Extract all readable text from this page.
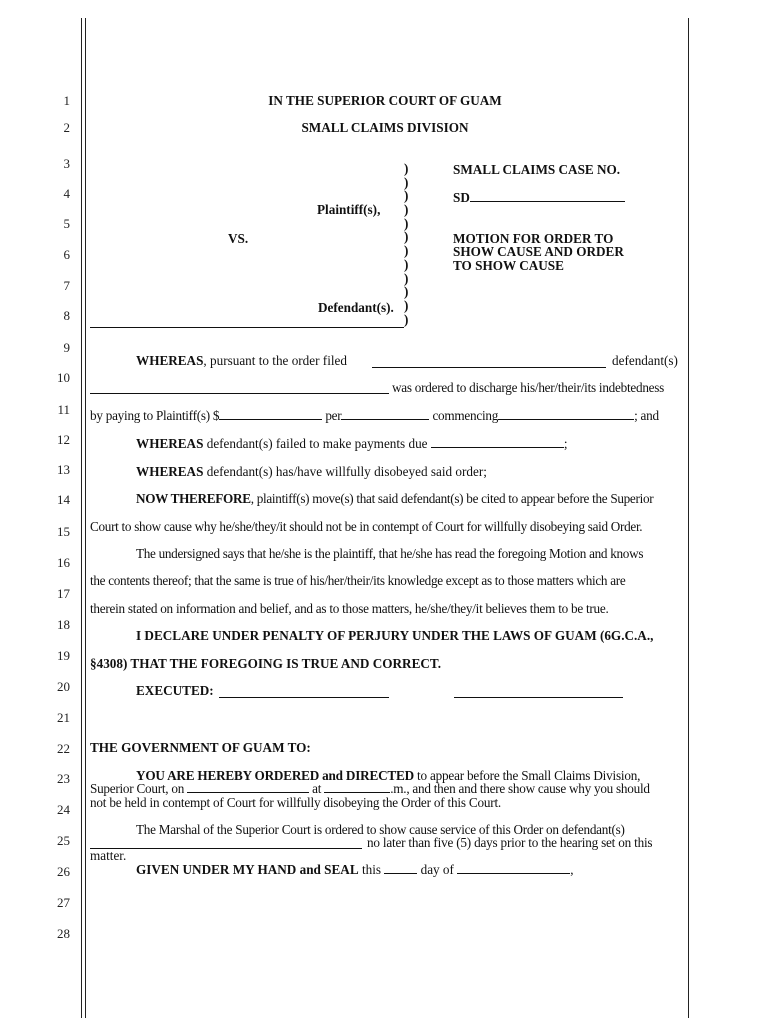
1
2
3
4
5
6
7
8
9
10
11
12
13
14
15
16
17
18
19
20
21
22
23
24
25
26
27
28
IN THE SUPERIOR COURT OF GUAM
SMALL CLAIMS DIVISION
Plaintiff(s),
VS.
Defendant(s).
)
)
)
)
)
)
)
)
)
)
)
)
SMALL CLAIMS CASE NO.
SD
MOTION FOR ORDER TO
SHOW CAUSE AND ORDER
TO SHOW CAUSE
WHEREAS, pursuant to the order filed	defendant(s)
was ordered to discharge his/her/their/its indebtedness
by paying to Plaintiff(s) $	per	commencing	; and
WHEREAS defendant(s) failed to make payments due	;
WHEREAS defendant(s) has/have willfully disobeyed said order;
NOW THEREFORE, plaintiff(s) move(s) that said defendant(s) be cited to appear before the Superior
Court to show cause why he/she/they/it should not be in contempt of Court for willfully disobeying said Order.
The undersigned says that he/she is the plaintiff, that he/she has read the foregoing Motion and knows
the contents thereof; that the same is true of his/her/their/its knowledge except as to those matters which are
therein stated on information and belief, and as to those matters, he/she/they/it believes them to be true.
I DECLARE UNDER PENALTY OF PERJURY UNDER THE LAWS OF GUAM (6G.C.A.,
§4308) THAT THE FOREGOING IS TRUE AND CORRECT.
EXECUTED:
THE GOVERNMENT OF GUAM TO:
YOU ARE HEREBY ORDERED and DIRECTED to appear before the Small Claims Division,
Superior Court, on	at	.m., and then and there show cause why you should
not be held in contempt of Court for willfully disobeying the Order of this Court.
The Marshal of the Superior Court is ordered to show cause service of this Order on defendant(s)
no later than five (5) days prior to the hearing set on this
matter.
GIVEN UNDER MY HAND and SEAL this	day of	,
